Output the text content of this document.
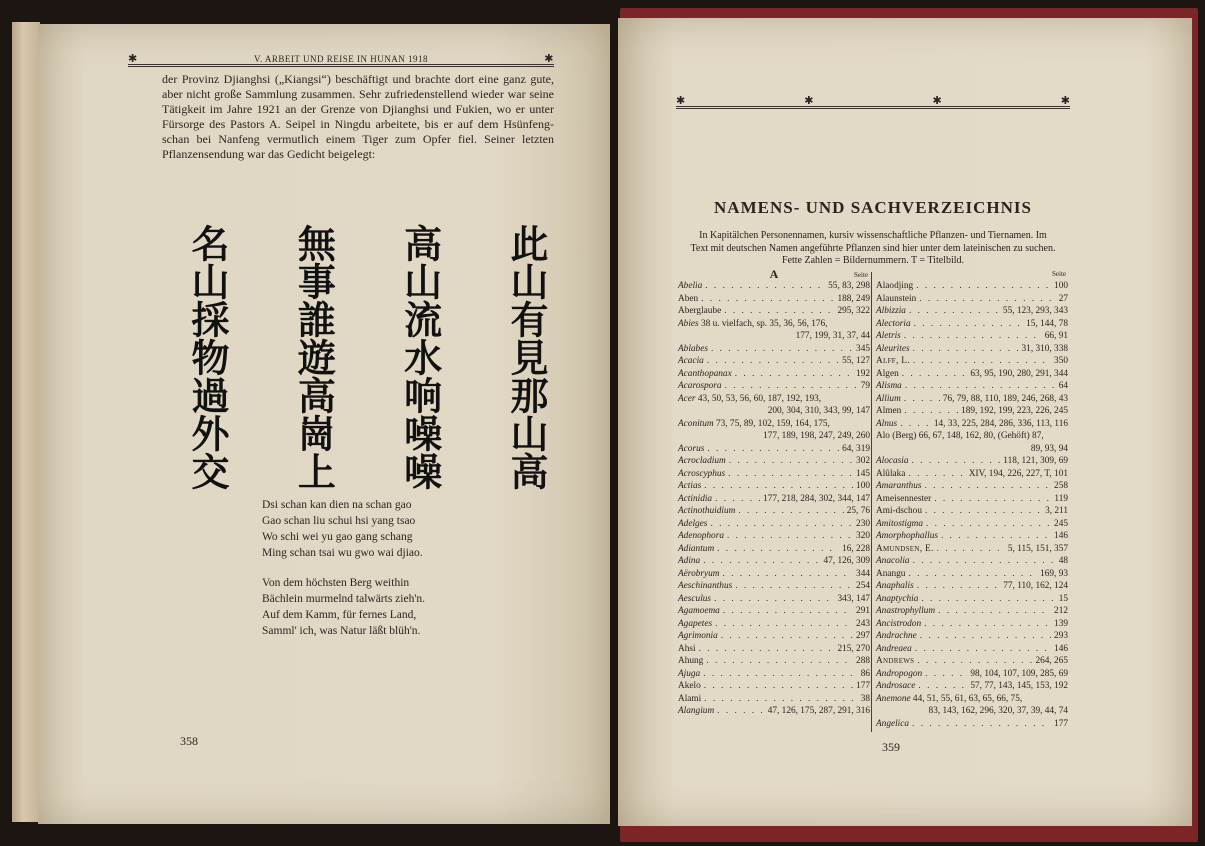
✱	V. ARBEIT UND REISE IN HUNAN 1918	✱

der Provinz Djianghsi („Kiangsi“) beschäftigt und brachte dort eine ganz gute, aber nicht große Sammlung zusammen. Sehr zufriedenstellend wieder war seine Tätigkeit im Jahre 1921 an der Grenze von Djianghsi und Fukien, wo er unter Fürsorge des Pastors A. Seipel in Ningdu arbeitete, bis er auf dem Hsünfeng-schan bei Nanfeng vermutlich einem Tiger zum Opfer fiel. Seiner letzten Pflanzensendung war das Gedicht beigelegt:

此山有見那山高
高山流水响噪噪
無事誰遊高崗上
名山採物過外交
Dsi schan kan dien na schan gao
Gao schan liu schui hsi yang tsao
Wo schi wei yu gao gang schang
Ming schan tsai wu gwo wai djiao.
Von dem höchsten Berg weithin
Bächlein murmelnd talwärts zieh'n.
Auf dem Kamm, für fernes Land,
Samml' ich, was Natur läßt blüh'n.
358
✱	✱	✱	✱
NAMENS- UND SACHVERZEICHNIS
In Kapitälchen Personennamen, kursiv wissenschaftliche Pflanzen- und Tiernamen. Im
Text mit deutschen Namen angeführte Pflanzen sind hier unter dem lateinischen zu suchen.
Fette Zahlen = Bildernummern. T = Titelbild.
A	Seite
Abelia . . .	55, 83, 298
Aben . . .	188, 249
Aberglaube . . .	295, 322
Abies 38 u. vielfach, sp. 35, 36, 56, 176,
177, 199, 31, 37, 44
Ablabes . . .	345
Acacia . . .	55, 127
Acanthopanax . . .	192
Acarospora . . .	79
Acer 43, 50, 53, 56, 60, 187, 192, 193,
200, 304, 310, 343, 99, 147
Aconitum 73, 75, 89, 102, 159, 164, 175,
177, 189, 198, 247, 249, 260
Acorus . . .	64, 319
Acrocladium . . .	302
Acroscyphus . . .	145
Actias . . .	100
Actinidia . . .	177, 218, 284, 302, 344, 147
Actinothuidium . . .	25, 76
Adelges . . .	230
Adenophora . . .	320
Adiantum . . .	16, 228
Adina . . .	47, 126, 309
Aërobryum . . .	344
Aeschinanthus . . .	254
Aesculus . . .	343, 147
Agamoema . . .	291
Agapetes . . .	243
Agrimonia . . .	297
Ahsi . . .	215, 270
Ahung . . .	288
Ajuga . . .	86
Akelo . . .	177
Alami . . .	38
Alangium . . .	47, 126, 175, 287, 291, 316
Seite
Alaodjing . . .	100
Alaunstein . . .	27
Albizzia . . .	55, 123, 293, 343
Alectoria . . .	15, 144, 78
Aletris . . .	66, 91
Aleurites . . .	31, 310, 338
Alff, L. . . .	350
Algen . . .	63, 95, 190, 280, 291, 344
Alisma . . .	64
Allium . . .	76, 79, 88, 110, 189, 246, 268, 43
Almen . . .	189, 192, 199, 223, 226, 245
Alnus . . .	14, 33, 225, 284, 286, 336, 113, 116
Alo (Berg) 66, 67, 148, 162, 80, (Gehöft) 87,
89, 93, 94
Alocasia . . .	118, 121, 309, 69
Alûlaka . . .	XIV, 194, 226, 227, T, 101
Amaranthus . . .	258
Ameisennester . . .	119
Ami-dschou . . .	3, 211
Amitostigma . . .	245
Amorphophallus . . .	146
Amundsen, E. . . .	5, 115, 151, 357
Anacolia . . .	48
Anangu . . .	169, 93
Anaphalis . . .	77, 110, 162, 124
Anaptychia . . .	15
Anastrophyllum . . .	212
Ancistrodon . . .	139
Andrachne . . .	293
Andreaea . . .	146
Andrews . . .	264, 265
Andropogon . . .	98, 104, 107, 109, 285, 69
Androsace . . .	57, 77, 143, 145, 153, 192
Anemone 44, 51, 55, 61, 63, 65, 66, 75,
83, 143, 162, 296, 320, 37, 39, 44, 74
Angelica . . .	177
359
